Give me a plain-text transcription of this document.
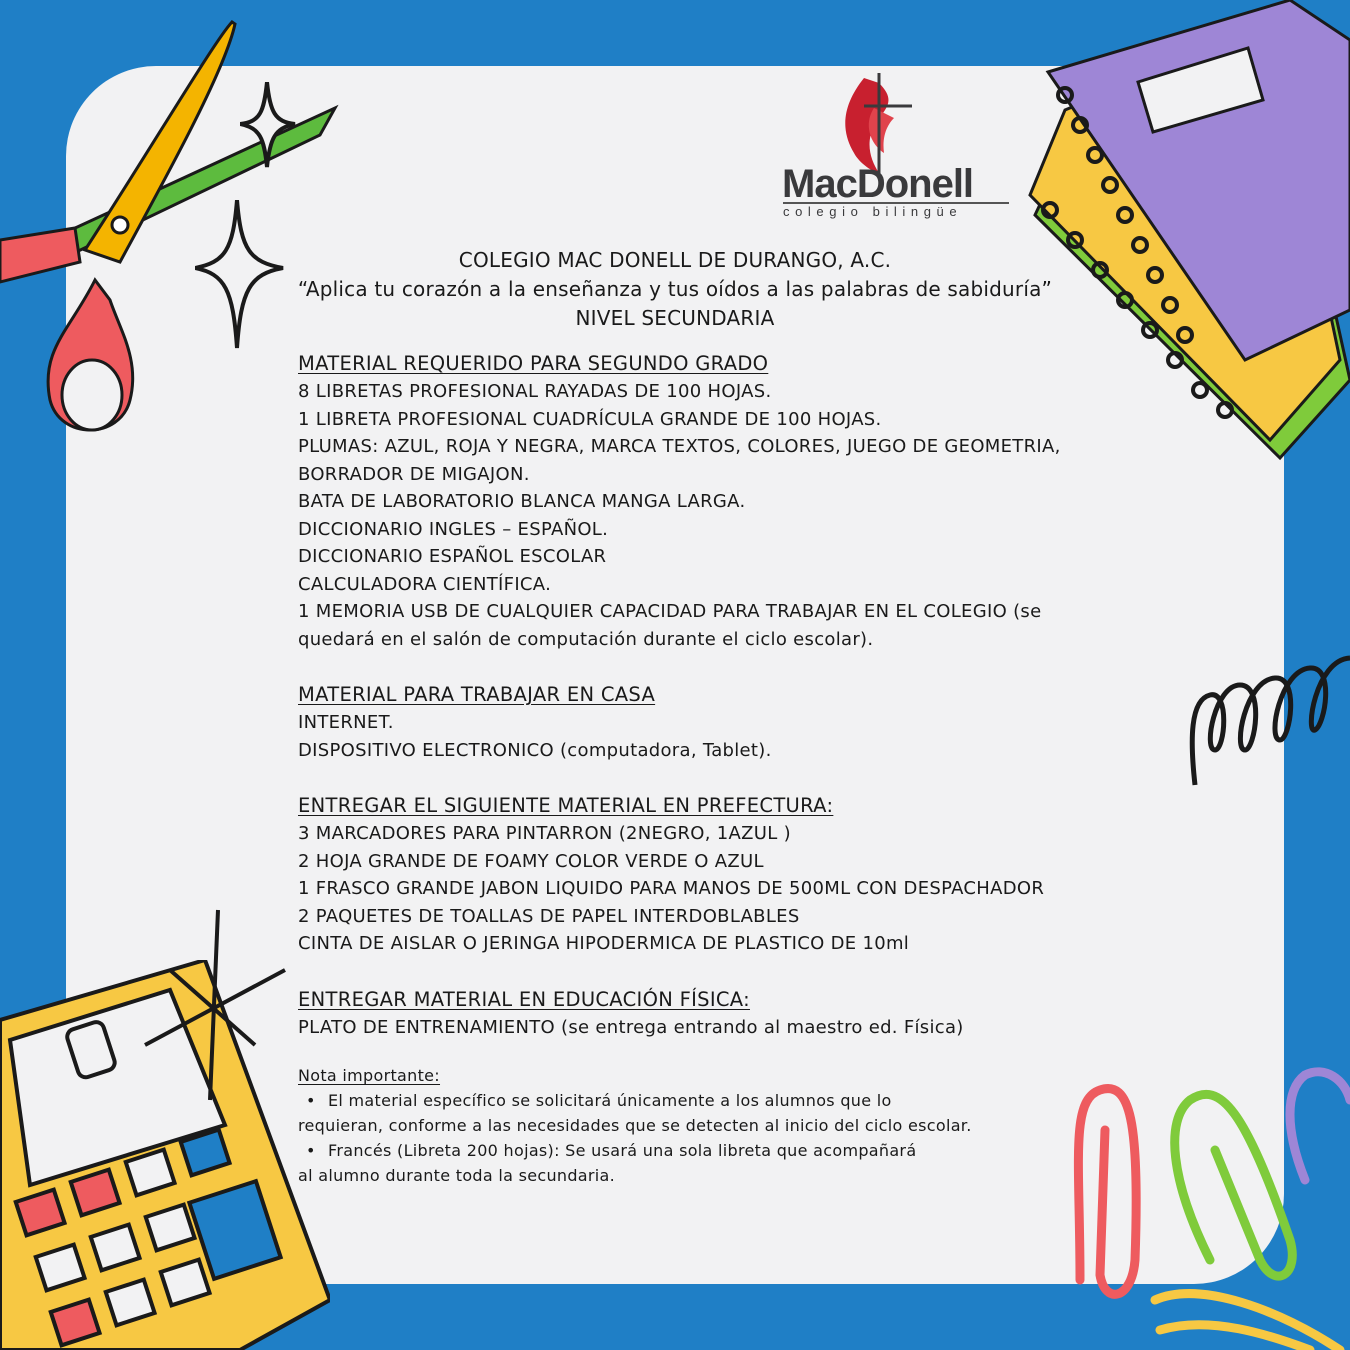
MacDonell
colegio bilingüe
COLEGIO MAC DONELL DE DURANGO, A.C.
“Aplica tu corazón a la enseñanza y tus oídos a las palabras de sabiduría”
NIVEL SECUNDARIA

MATERIAL REQUERIDO PARA SEGUNDO GRADO

8 LIBRETAS PROFESIONAL RAYADAS DE 100 HOJAS.

1 LIBRETA PROFESIONAL CUADRÍCULA GRANDE DE 100 HOJAS.

PLUMAS: AZUL, ROJA Y NEGRA, MARCA TEXTOS, COLORES, JUEGO DE GEOMETRIA,

BORRADOR DE MIGAJON.

BATA DE LABORATORIO BLANCA MANGA LARGA.

DICCIONARIO INGLES – ESPAÑOL.

DICCIONARIO ESPAÑOL ESCOLAR

CALCULADORA CIENTÍFICA.

1 MEMORIA USB DE CUALQUIER CAPACIDAD PARA TRABAJAR EN EL COLEGIO (se

quedará en el salón de computación durante el ciclo escolar).

MATERIAL PARA TRABAJAR EN CASA

INTERNET.

DISPOSITIVO ELECTRONICO (computadora, Tablet).

ENTREGAR EL SIGUIENTE MATERIAL EN PREFECTURA:

3 MARCADORES PARA PINTARRON (2NEGRO, 1AZUL )

2 HOJA GRANDE DE FOAMY COLOR VERDE O AZUL

1 FRASCO GRANDE JABON LIQUIDO PARA MANOS DE 500ML CON DESPACHADOR

2 PAQUETES DE TOALLAS DE PAPEL INTERDOBLABLES

CINTA DE AISLAR O JERINGA HIPODERMICA DE PLASTICO DE 10ml

ENTREGAR MATERIAL EN EDUCACIÓN FÍSICA:

PLATO DE ENTRENAMIENTO (se entrega entrando al maestro ed. Física)

Nota importante:

• El material específico se solicitará únicamente a los alumnos que lo

requieran, conforme a las necesidades que se detecten al inicio del ciclo escolar.

• Francés (Libreta 200 hojas): Se usará una sola libreta que acompañará

al alumno durante toda la secundaria.
